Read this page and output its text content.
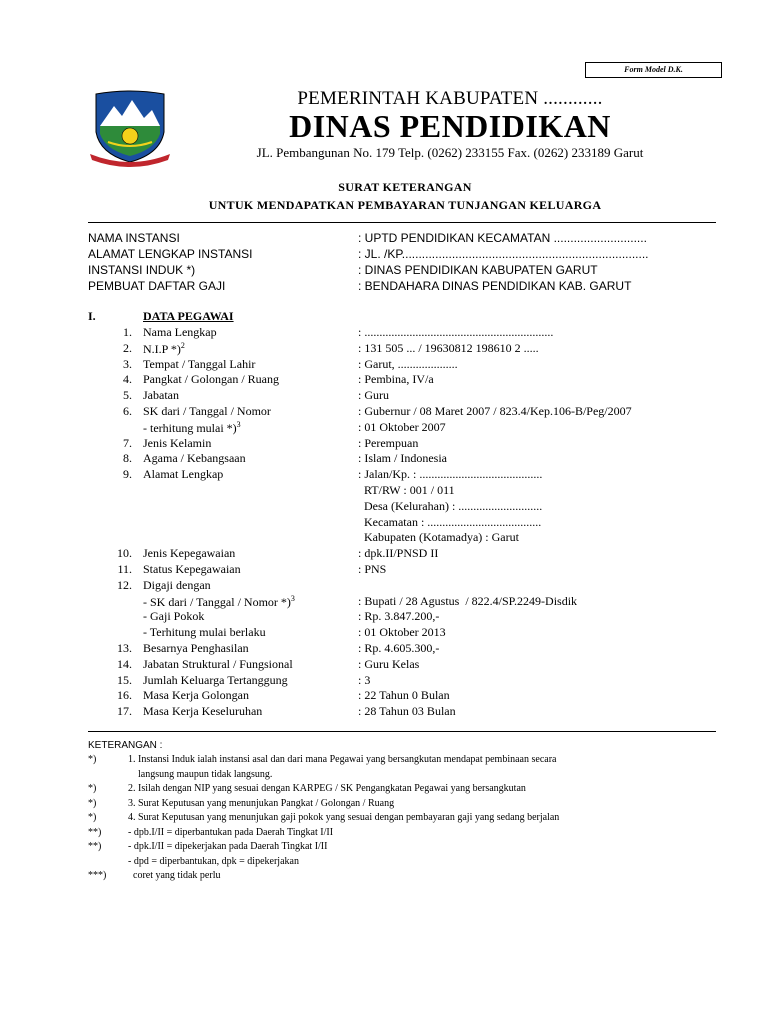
Form Model D.K.
PEMERINTAH KABUPATEN ............
DINAS PENDIDIKAN
JL. Pembangunan No. 179 Telp. (0262) 233155 Fax. (0262) 233189 Garut
SURAT KETERANGAN
UNTUK MENDAPATKAN PEMBAYARAN TUNJANGAN KELUARGA
NAMA INSTANSI	: UPTD PENDIDIKAN KECAMATAN ............................
ALAMAT LENGKAP INSTANSI	: JL. /KP..........................................................................
INSTANSI INDUK *)	: DINAS PENDIDIKAN KABUPATEN GARUT
PEMBUAT DAFTAR GAJI	: BENDAHARA DINAS PENDIDIKAN KAB. GARUT
I.	DATA PEGAWAI
1. Nama Lengkap	: ...............................................................
2. N.I.P *)$^2$	: 131 505 ... / 19630812 198610 2 .....
3. Tempat / Tanggal Lahir	: Garut, ....................
4. Pangkat / Golongan / Ruang	: Pembina, IV/a
5. Jabatan	: Guru
6. SK dari / Tanggal / Nomor	: Gubernur / 08 Maret 2007 / 823.4/Kep.106-B/Peg/2007
- terhitung mulai *)$^3$	: 01 Oktober 2007
7. Jenis Kelamin	: Perempuan
8. Agama / Kebangsaan	: Islam / Indonesia
9. Alamat Lengkap	: Jalan/Kp. : .........................................
RT/RW : 001 / 011
Desa (Kelurahan) : ............................
Kecamatan : ......................................
Kabupaten (Kotamadya) : Garut
10. Jenis Kepegawaian	: dpk.II/PNSD II
11. Status Kepegawaian	: PNS
12. Digaji dengan
- SK dari / Tanggal / Nomor *)$^3$	: Bupati / 28 Agustus  / 822.4/SP.2249-Disdik
- Gaji Pokok	: Rp. 3.847.200,-
- Terhitung mulai berlaku	: 01 Oktober 2013
13. Besarnya Penghasilan	: Rp. 4.605.300,-
14. Jabatan Struktural / Fungsional	: Guru Kelas
15. Jumlah Keluarga Tertanggung	: 3
16. Masa Kerja Golongan	: 22 Tahun 0 Bulan
17. Masa Kerja Keseluruhan	: 28 Tahun 03 Bulan
KETERANGAN :
*)	1. Instansi Induk ialah instansi asal dan dari mana Pegawai yang bersangkutan mendapat pembinaan secara
langsung maupun tidak langsung.
*)	2. Isilah dengan NIP yang sesuai dengan KARPEG / SK Pengangkatan Pegawai yang bersangkutan
*)	3. Surat Keputusan yang menunjukan Pangkat / Golongan / Ruang
*)	4. Surat Keputusan yang menunjukan gaji pokok yang sesuai dengan pembayaran gaji yang sedang berjalan
**)	- dpb.I/II = diperbantukan pada Daerah Tingkat I/II
**)	- dpk.I/II = dipekerjakan pada Daerah Tingkat I/II
- dpd = diperbantukan, dpk = dipekerjakan
***) coret yang tidak perlu
